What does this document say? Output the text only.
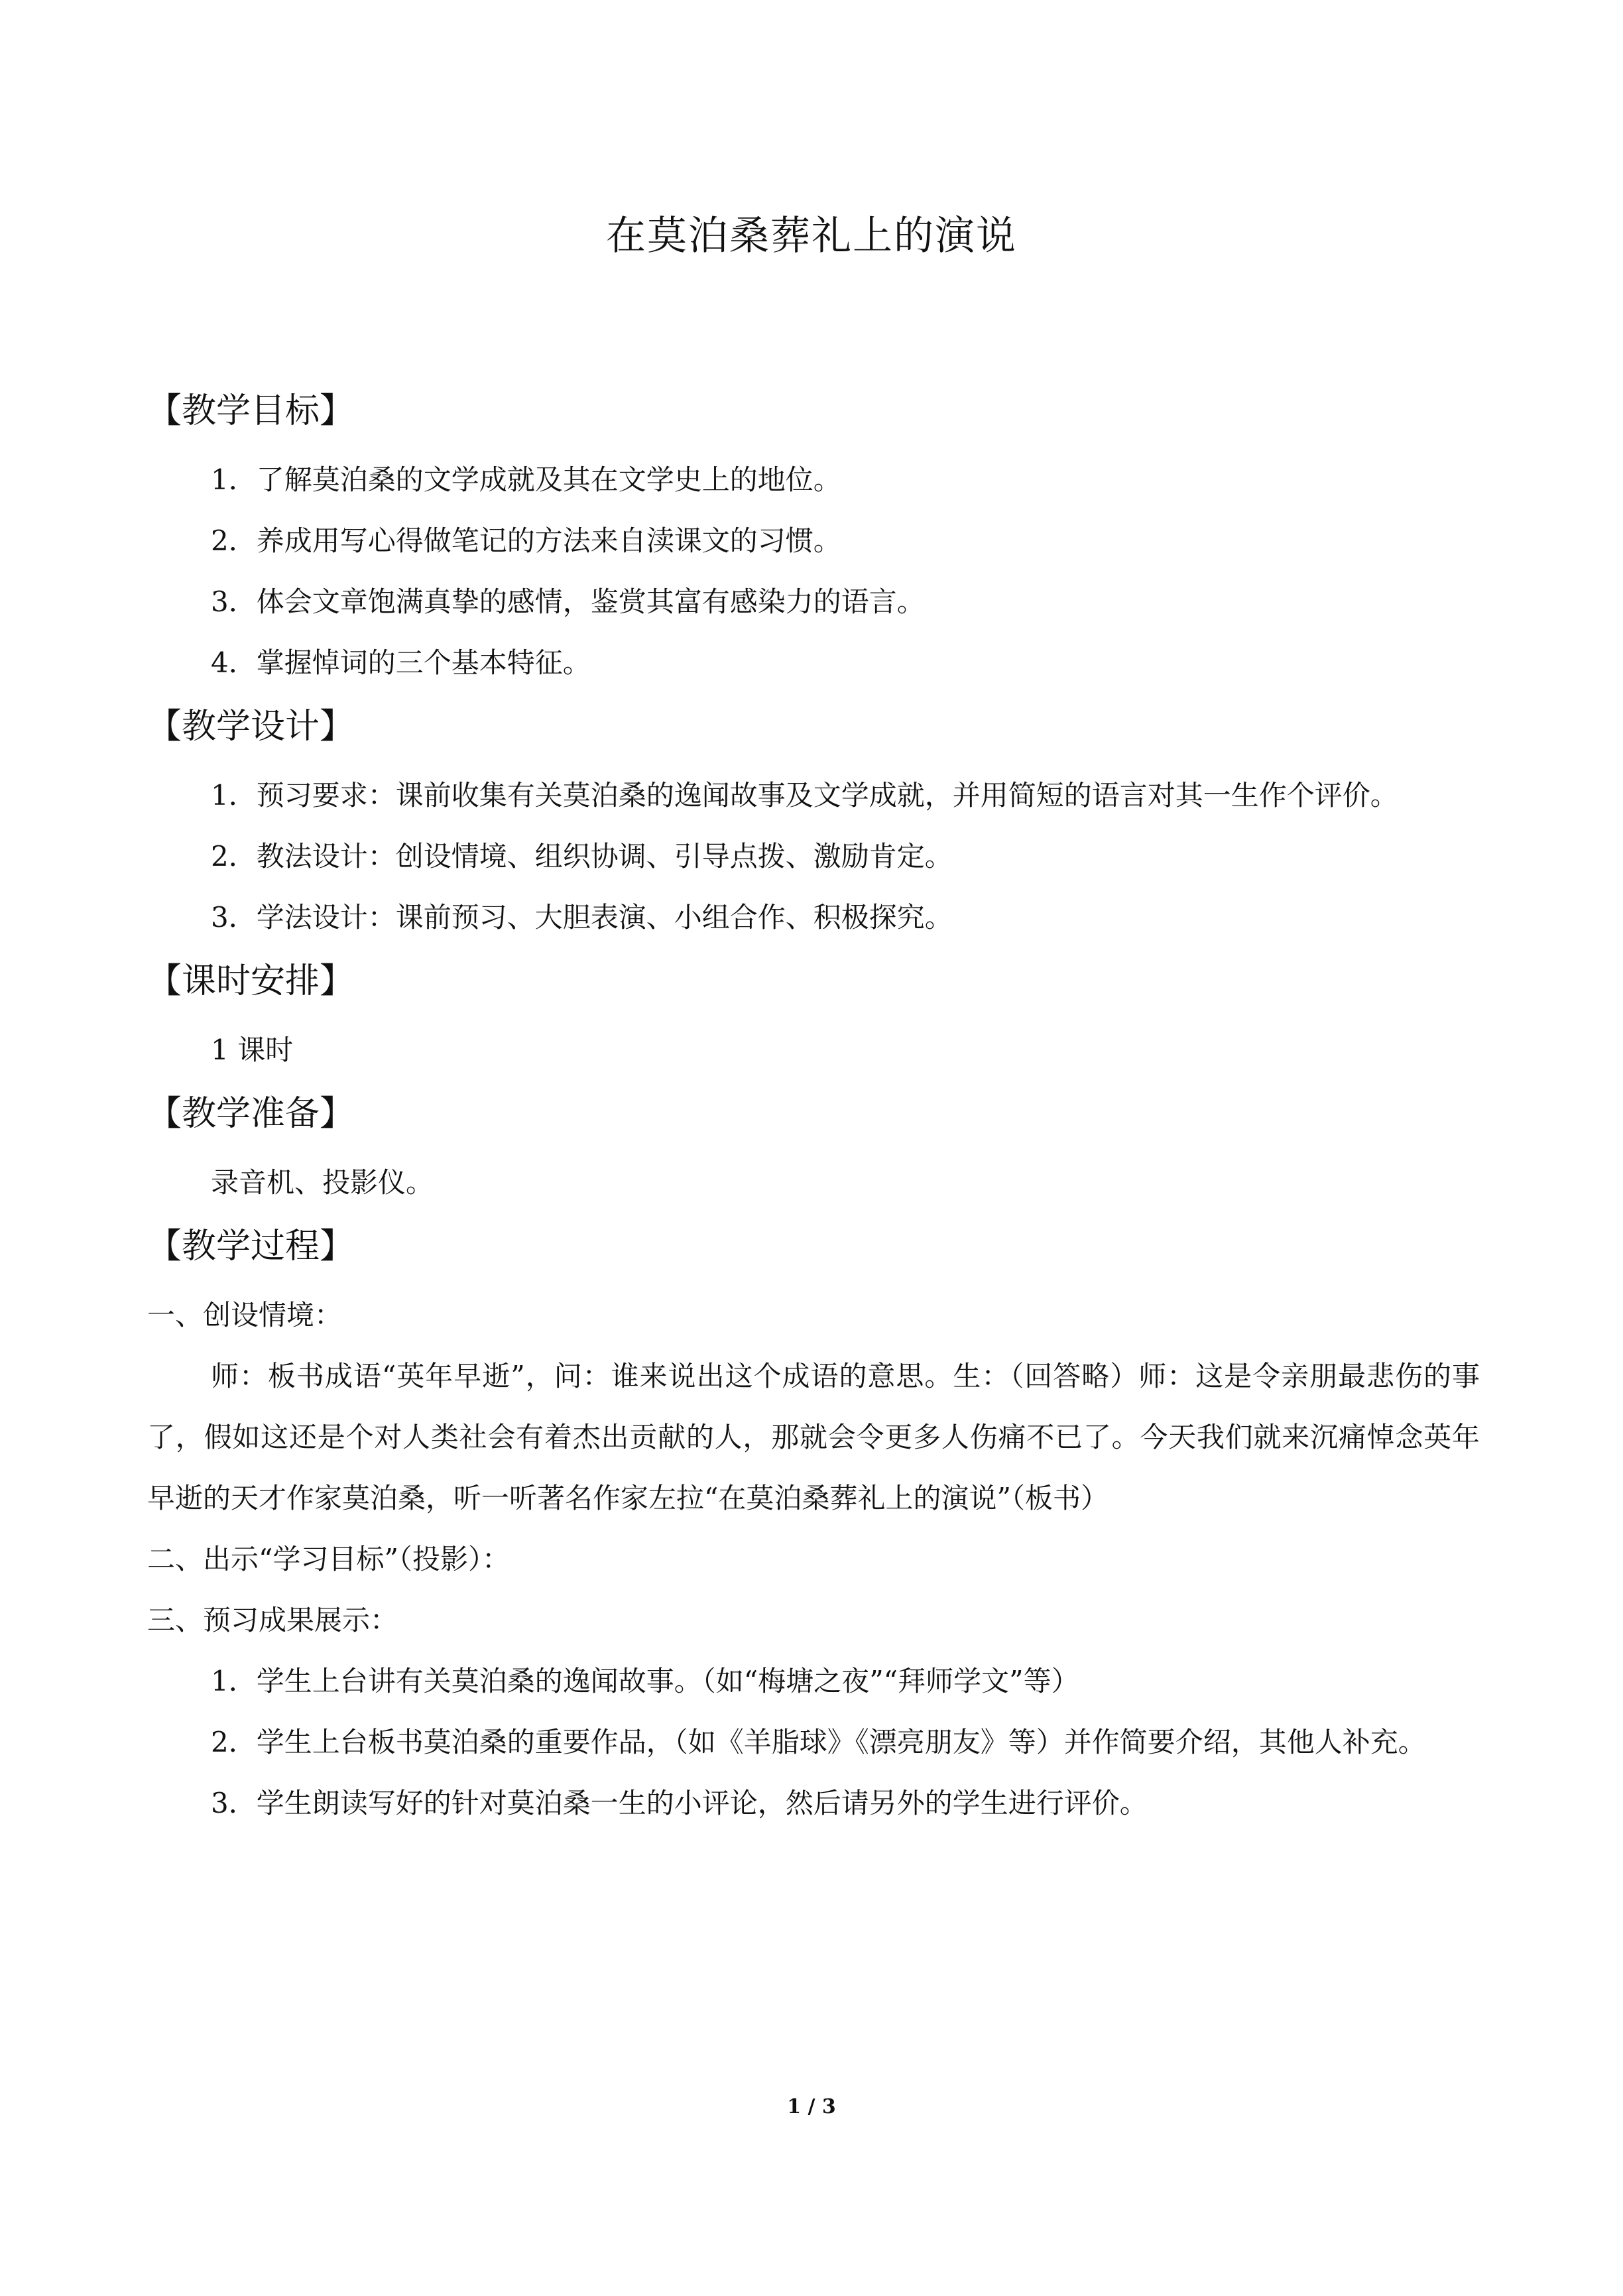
在莫泊桑葬礼上的演说
【教学目标】

1．了解莫泊桑的文学成就及其在文学史上的地位。

2．养成用写心得做笔记的方法来自渎课文的习惯。

3．体会文章饱满真挚的感情，鉴赏其富有感染力的语言。

4．掌握悼词的三个基本特征。

【教学设计】

1．预习要求：课前收集有关莫泊桑的逸闻故事及文学成就，并用简短的语言对其一生作个评价。

2．教法设计：创设情境、组织协调、引导点拨、激励肯定。

3．学法设计：课前预习、大胆表演、小组合作、积极探究。

【课时安排】

1 课时

【教学准备】

录音机、投影仪。

【教学过程】

一、创设情境：

师：板书成语“英年早逝”，问：谁来说出这个成语的意思。生：（回答略）师：这是令亲朋最悲伤的事了，假如这还是个对人类社会有着杰出贡献的人，那就会令更多人伤痛不已了。今天我们就来沉痛悼念英年早逝的天才作家莫泊桑，听一听著名作家左拉“在莫泊桑葬礼上的演说”（板书）

二、出示“学习目标”（投影）：

三、预习成果展示：

1．学生上台讲有关莫泊桑的逸闻故事。（如“梅塘之夜”“拜师学文”等）

2．学生上台板书莫泊桑的重要作品，（如《羊脂球》《漂亮朋友》等）并作简要介绍，其他人补充。

3．学生朗读写好的针对莫泊桑一生的小评论，然后请另外的学生进行评价。

1 / 3
